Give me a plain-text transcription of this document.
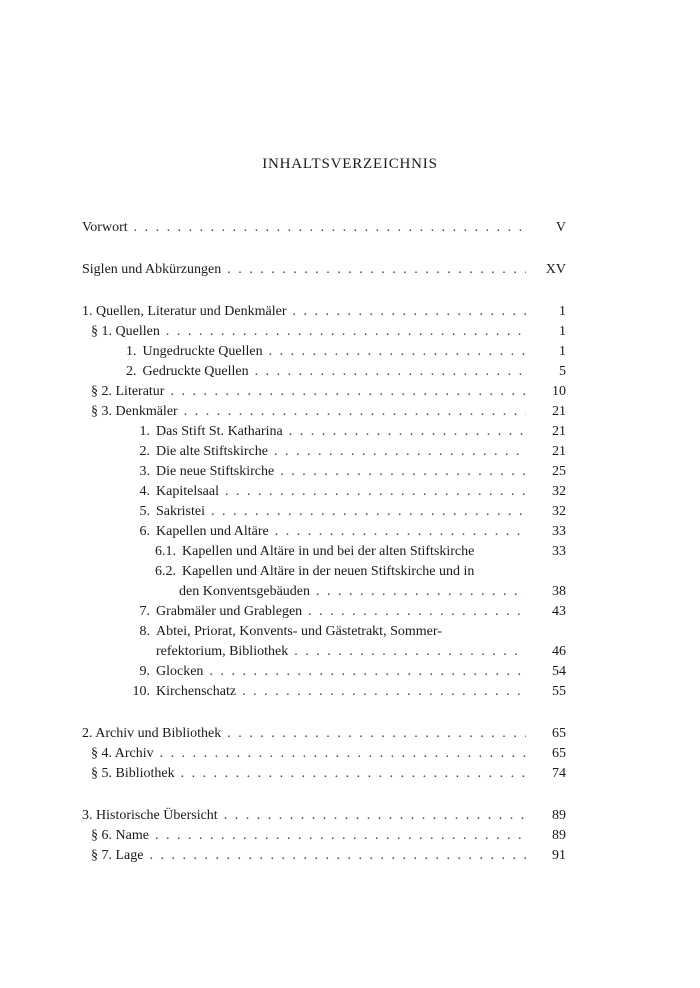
INHALTSVERZEICHNIS
Vorwort . . .	V
Siglen und Abkürzungen . . .	XV
1. Quellen, Literatur und Denkmäler . . .	1
§ 1. Quellen . . .	1
1. Ungedruckte Quellen . . .	1
2. Gedruckte Quellen . . .	5
§ 2. Literatur . . .	10
§ 3. Denkmäler . . .	21
1. Das Stift St. Katharina . . .	21
2. Die alte Stiftskirche . . .	21
3. Die neue Stiftskirche . . .	25
4. Kapitelsaal . . .	32
5. Sakristei . . .	32
6. Kapellen und Altäre . . .	33
6.1. Kapellen und Altäre in und bei der alten Stiftskirche	33
6.2. Kapellen und Altäre in der neuen Stiftskirche und in
den Konventsgebäuden . . .	38
7. Grabmäler und Grablegen . . .	43
8. Abtei, Priorat, Konvents- und Gästetrakt, Sommer-
refektorium, Bibliothek . . .	46
9. Glocken . . .	54
10. Kirchenschatz . . .	55
2. Archiv und Bibliothek . . .	65
§ 4. Archiv . . .	65
§ 5. Bibliothek . . .	74
3. Historische Übersicht . . .	89
§ 6. Name . . .	89
§ 7. Lage . . .	91
